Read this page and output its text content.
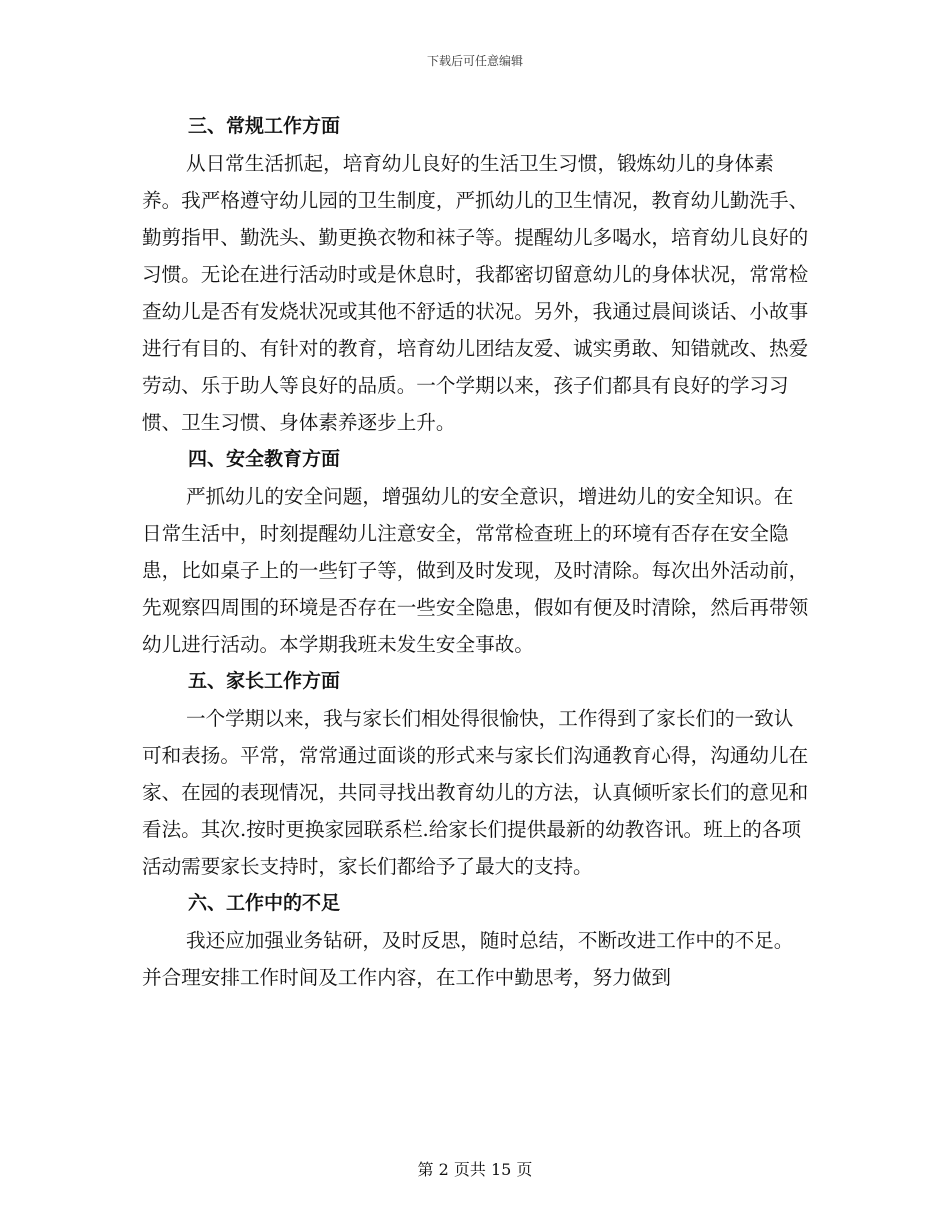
下载后可任意编辑

三、常规工作方面

从日常生活抓起，培育幼儿良好的生活卫生习惯，锻炼幼儿的身体素养。我严格遵守幼儿园的卫生制度，严抓幼儿的卫生情况，教育幼儿勤洗手、勤剪指甲、勤洗头、勤更换衣物和袜子等。提醒幼儿多喝水，培育幼儿良好的习惯。无论在进行活动时或是休息时，我都密切留意幼儿的身体状况，常常检查幼儿是否有发烧状况或其他不舒适的状况。另外，我通过晨间谈话、小故事进行有目的、有针对的教育，培育幼儿团结友爱、诚实勇敢、知错就改、热爱劳动、乐于助人等良好的品质。一个学期以来，孩子们都具有良好的学习习惯、卫生习惯、身体素养逐步上升。

四、安全教育方面

严抓幼儿的安全问题，增强幼儿的安全意识，增进幼儿的安全知识。在日常生活中，时刻提醒幼儿注意安全，常常检查班上的环境有否存在安全隐患，比如桌子上的一些钉子等，做到及时发现，及时清除。每次出外活动前，先观察四周围的环境是否存在一些安全隐患，假如有便及时清除，然后再带领幼儿进行活动。本学期我班未发生安全事故。

五、家长工作方面

一个学期以来，我与家长们相处得很愉快，工作得到了家长们的一致认可和表扬。平常，常常通过面谈的形式来与家长们沟通教育心得，沟通幼儿在家、在园的表现情况，共同寻找出教育幼儿的方法，认真倾听家长们的意见和看法。其次.按时更换家园联系栏.给家长们提供最新的幼教咨讯。班上的各项活动需要家长支持时，家长们都给予了最大的支持。

六、工作中的不足

我还应加强业务钻研，及时反思，随时总结，不断改进工作中的不足。并合理安排工作时间及工作内容，在工作中勤思考，努力做到

第 2 页共 15 页
